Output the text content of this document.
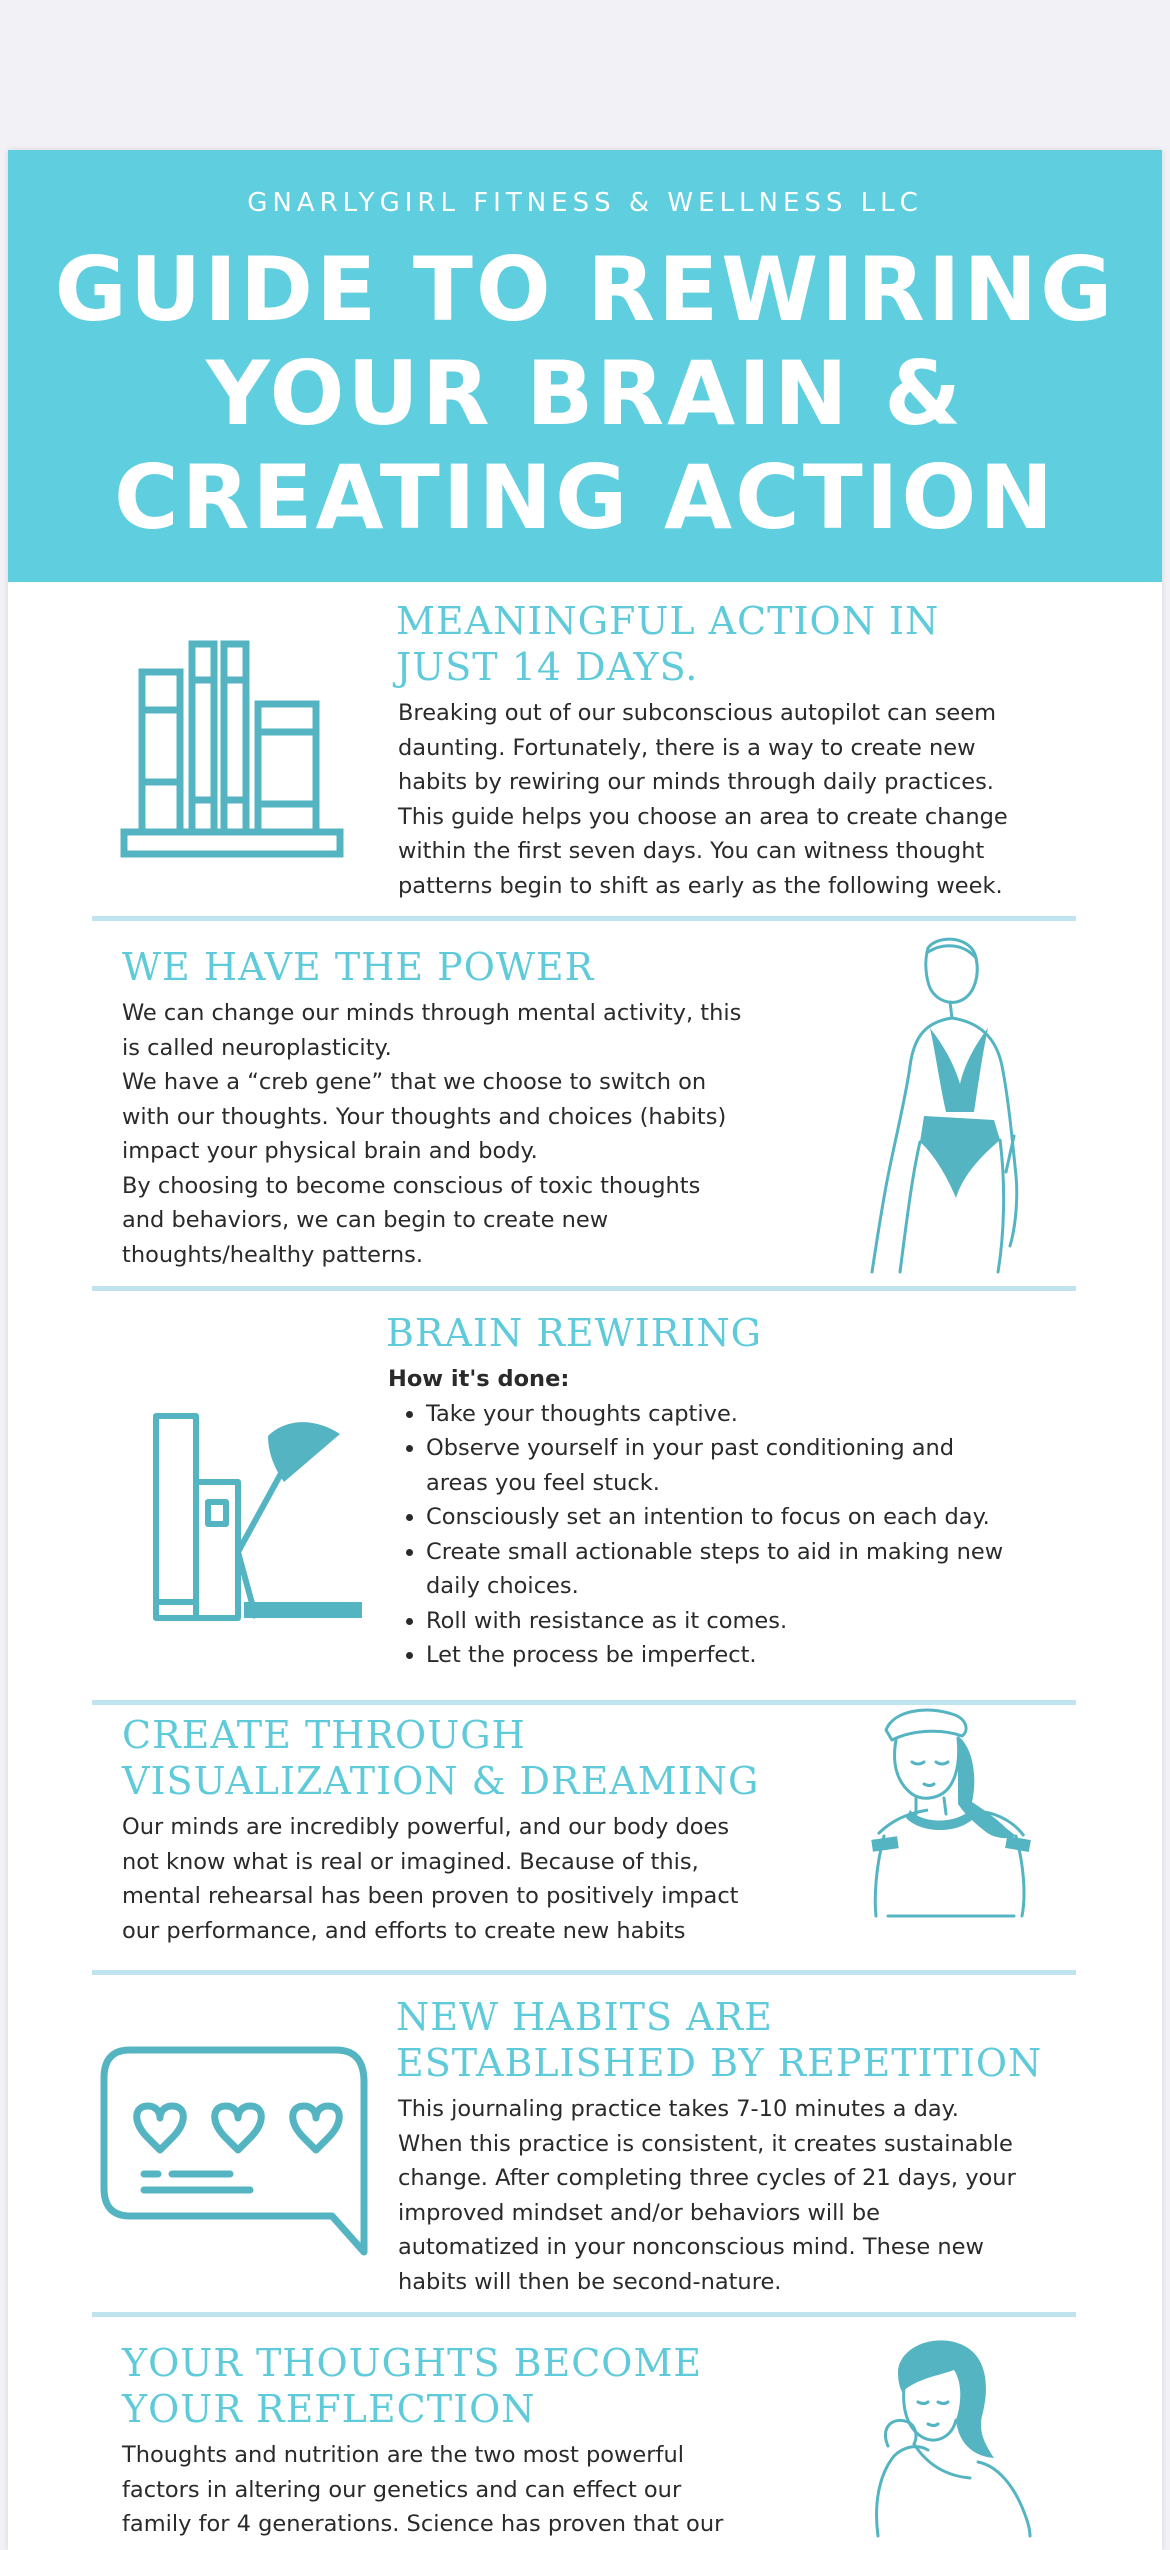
GNARLYGIRL FITNESS & WELLNESS LLC
GUIDE TO REWIRING
YOUR BRAIN &
CREATING ACTION
MEANINGFUL ACTION IN
JUST 14 DAYS.

Breaking out of our subconscious autopilot can seem

daunting. Fortunately, there is a way to create new

habits by rewiring our minds through daily practices.

This guide helps you choose an area to create change

within the first seven days. You can witness thought

patterns begin to shift as early as the following week.

WE HAVE THE POWER

We can change our minds through mental activity, this

is called neuroplasticity.

We have a “creb gene” that we choose to switch on

with our thoughts. Your thoughts and choices (habits)

impact your physical brain and body.

By choosing to become conscious of toxic thoughts

and behaviors, we can begin to create new

thoughts/healthy patterns.

BRAIN REWIRING

How it's done:

• Take your thoughts captive.
• Observe yourself in your past conditioning and
areas you feel stuck.
• Consciously set an intention to focus on each day.
• Create small actionable steps to aid in making new
daily choices.
• Roll with resistance as it comes.
• Let the process be imperfect.
CREATE THROUGH
VISUALIZATION & DREAMING

Our minds are incredibly powerful, and our body does

not know what is real or imagined. Because of this,

mental rehearsal has been proven to positively impact

our performance, and efforts to create new habits

NEW HABITS ARE
ESTABLISHED BY REPETITION

This journaling practice takes 7-10 minutes a day.

When this practice is consistent, it creates sustainable

change. After completing three cycles of 21 days, your

improved mindset and/or behaviors will be

automatized in your nonconscious mind. These new

habits will then be second-nature.

YOUR THOUGHTS BECOME
YOUR REFLECTION

Thoughts and nutrition are the two most powerful

factors in altering our genetics and can effect our

family for 4 generations. Science has proven that our
